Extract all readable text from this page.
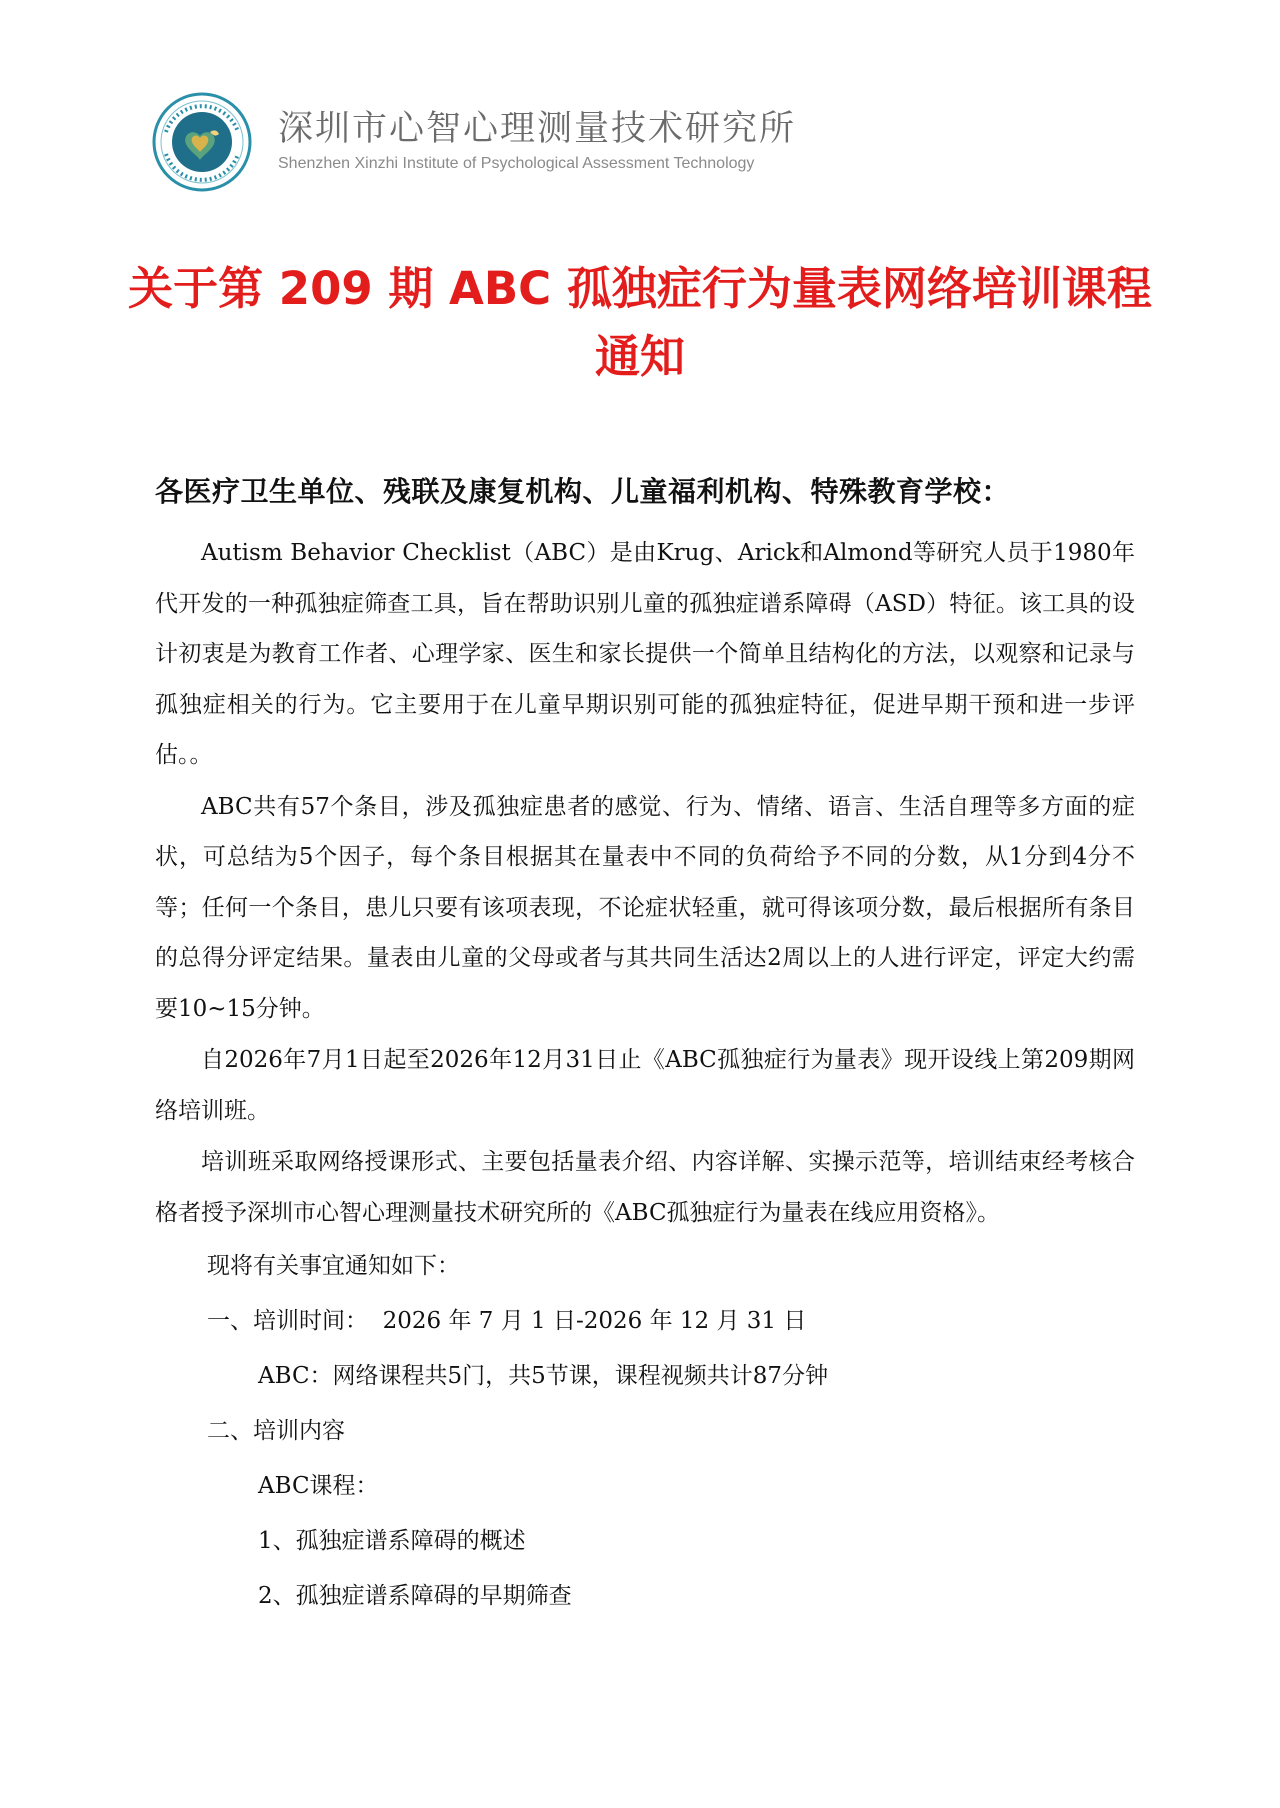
深圳市心智心理测量技术研究所
Shenzhen Xinzhi Institute of Psychological Assessment Technology
关于第 209 期 ABC 孤独症行为量表网络培训课程
通知

各医疗卫生单位、残联及康复机构、儿童福利机构、特殊教育学校：

Autism Behavior Checklist（ABC）是由Krug、Arick和Almond等研究人员于1980年代开发的一种孤独症筛查工具，旨在帮助识别儿童的孤独症谱系障碍（ASD）特征。该工具的设计初衷是为教育工作者、心理学家、医生和家长提供一个简单且结构化的方法，以观察和记录与孤独症相关的行为。它主要用于在儿童早期识别可能的孤独症特征，促进早期干预和进一步评估。。

ABC共有57个条目，涉及孤独症患者的感觉、行为、情绪、语言、生活自理等多方面的症状，可总结为5个因子，每个条目根据其在量表中不同的负荷给予不同的分数，从1分到4分不等；任何一个条目，患儿只要有该项表现，不论症状轻重，就可得该项分数，最后根据所有条目的总得分评定结果。量表由儿童的父母或者与其共同生活达2周以上的人进行评定，评定大约需要10~15分钟。

自2026年7月1日起至2026年12月31日止《ABC孤独症行为量表》现开设线上第209期网络培训班。

培训班采取网络授课形式、主要包括量表介绍、内容详解、实操示范等，培训结束经考核合格者授予深圳市心智心理测量技术研究所的《ABC孤独症行为量表在线应用资格》。

现将有关事宜通知如下：

一、培训时间：  2026 年 7 月 1 日-2026 年 12 月 31 日

ABC：网络课程共5门，共5节课，课程视频共计87分钟

二、培训内容

ABC课程：

1、孤独症谱系障碍的概述

2、孤独症谱系障碍的早期筛查
